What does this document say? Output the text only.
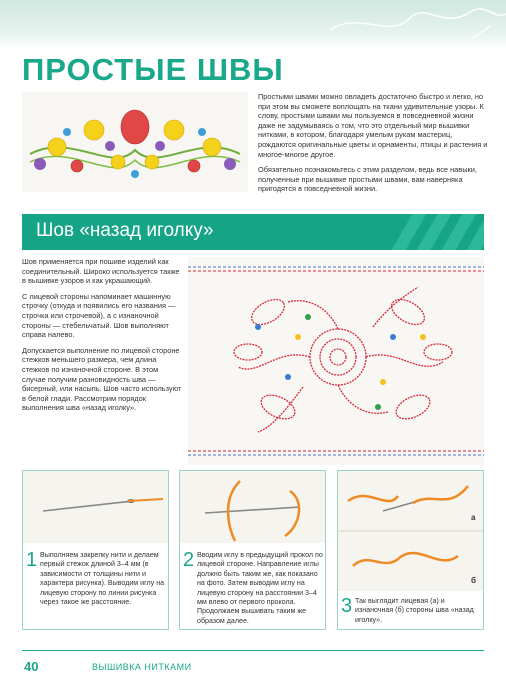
ПРОСТЫЕ ШВЫ

Простыми швами можно овладеть достаточно быстро и легко, но при этом вы сможете воплощать на ткани удивительные узоры. К слову, простыми швами мы пользуемся в повседневной жизни даже не задумываясь о том, что это отдельный мир вышивки нитками, в котором, благодаря умелым рукам мастериц, рождаются оригинальные цветы и орнаменты, птицы и растения и многое-многое другое.

Обязательно познакомьтесь с этим разделом, ведь все навыки, полученные при вышивке простыми швами, вам наверняка пригодятся в повседневной жизни.

Шов «назад иголку»

Шов применяется при пошиве изделий как соединительный. Широко используется также в вышивке узоров и как украшающий.

С лицевой стороны напоминает машинную строчку (откуда и появились его названия — строчка или строчевой), а с изнаночной стороны — стебельчатый. Шов выполняют справа налево.

Допускается выполнение по лицевой стороне стежков меньшего размера, чем длина стежков по изнаночной стороне. В этом случае получим разновидность шва — бисерный, или насыпь. Шов часто используют в белой глади. Рассмотрим порядок выполнения шва «назад иголку».

1 Выполняем закрепку нити и делаем первый стежок длиной 3–4 мм (в зависимости от толщины нити и характера рисунка). Выводим иглу на лицевую сторону по линии рисунка через такое же расстояние.
2 Вводим иглу в предыдущий прокол по лицевой стороне. Направление иглы должно быть таким же, как показано на фото. Затем выводим иглу на лицевую сторону на расстоянии 3–4 мм влево от первого прокола. Продолжаем вышивать таким же образом далее.
а
б
3 Так выглядит лицевая (а) и изнаночная (б) стороны шва «назад иголку».
40	ВЫШИВКА НИТКАМИ
